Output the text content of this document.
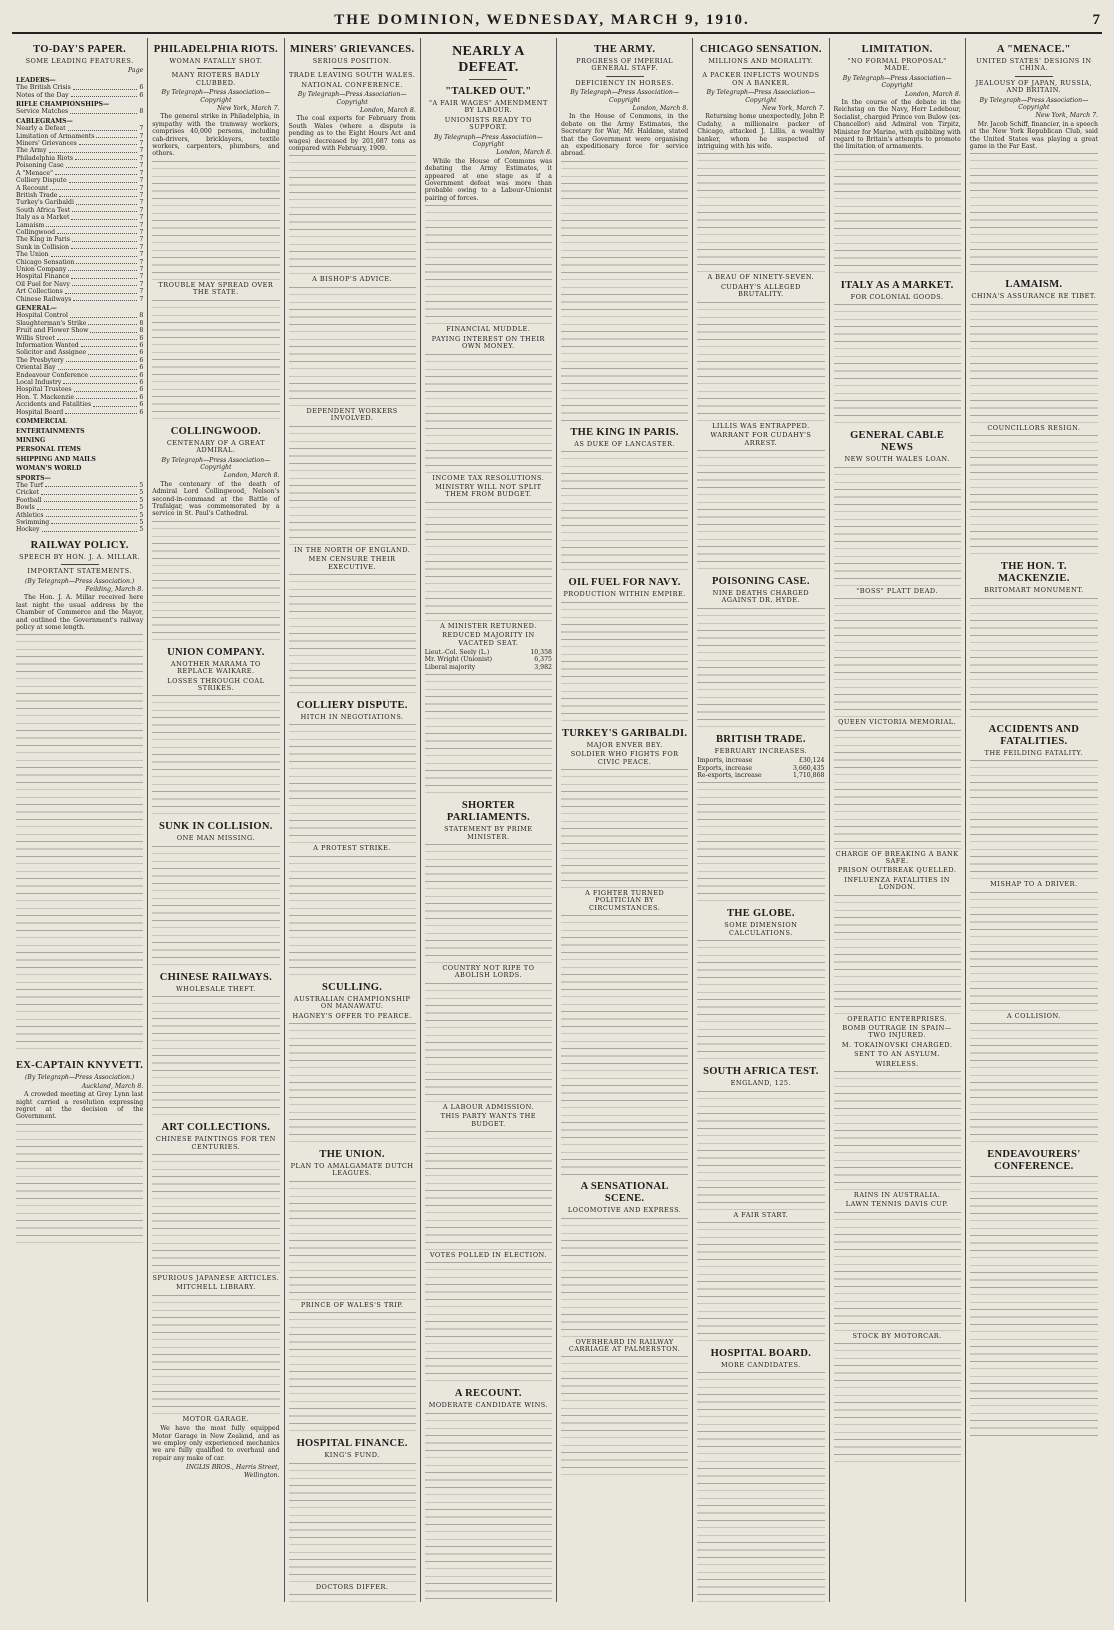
THE DOMINION, WEDNESDAY, MARCH 9, 1910.	7
TO-DAY'S PAPER.
SOME LEADING FEATURES.
Page
LEADERS—
The British Crisis	6
Notes of the Day	6
RIFLE CHAMPIONSHIPS—
Service Matches	8
CABLEGRAMS—
Nearly a Defeat	7
Limitation of Armaments	7
Miners' Grievances	7
The Army	7
Philadelphia Riots	7
Poisoning Case	7
A "Menace"	7
Colliery Dispute	7
A Recount	7
British Trade	7
Turkey's Garibaldi	7
South Africa Test	7
Italy as a Market	7
Lamaism	7
Collingwood	7
The King in Paris	7
Sunk in Collision	7
The Union	7
Chicago Sensation	7
Union Company	7
Hospital Finance	7
Oil Fuel for Navy	7
Art Collections	7
Chinese Railways	7
GENERAL—
Hospital Control	8
Slaughterman's Strike	8
Fruit and Flower Show	8
Willis Street	6
Information Wanted	6
Solicitor and Assignee	6
The Presbytery	6
Oriental Bay	6
Endeavour Conference	6
Local Industry	6
Hospital Trustees	6
Hon. T. Mackenzie	6
Accidents and Fatalities	6
Hospital Board	6
COMMERCIAL
ENTERTAINMENTS
MINING
PERSONAL ITEMS
SHIPPING AND MAILS
WOMAN'S WORLD
SPORTS—
The Turf	5
Cricket	5
Football	5
Bowls	5
Athletics	5
Swimming	5
Hockey	5
RAILWAY POLICY.
SPEECH BY HON. J. A. MILLAR.
IMPORTANT STATEMENTS.
(By Telegraph—Press Association.)
Feilding, March 8.

The Hon. J. A. Millar received here last night the usual address by the Chamber of Commerce and the Mayor, and outlined the Government's railway policy at some length.

EX-CAPTAIN KNYVETT.
(By Telegraph—Press Association.)
Auckland, March 8.

A crowded meeting at Grey Lynn last night carried a resolution expressing regret at the decision of the Government.

PHILADELPHIA RIOTS.
WOMAN FATALLY SHOT.
MANY RIOTERS BADLY CLUBBED.
By Telegraph—Press Association—Copyright
New York, March 7.

The general strike in Philadelphia, in sympathy with the tramway workers, comprises 40,000 persons, including cab-drivers, bricklayers, textile workers, carpenters, plumbers, and others.

TROUBLE MAY SPREAD OVER THE STATE.
COLLINGWOOD.
CENTENARY OF A GREAT ADMIRAL.
By Telegraph—Press Association—Copyright
London, March 8.

The centenary of the death of Admiral Lord Collingwood, Nelson's second-in-command at the Battle of Trafalgar, was commemorated by a service in St. Paul's Cathedral.

UNION COMPANY.
ANOTHER MARAMA TO REPLACE WAIKARE.
LOSSES THROUGH COAL STRIKES.
SUNK IN COLLISION.
ONE MAN MISSING.
CHINESE RAILWAYS.
WHOLESALE THEFT.
ART COLLECTIONS.
CHINESE PAINTINGS FOR TEN CENTURIES.
SPURIOUS JAPANESE ARTICLES.
MITCHELL LIBRARY.
MOTOR GARAGE.

We have the most fully equipped Motor Garage in New Zealand, and as we employ only experienced mechanics we are fully qualified to overhaul and repair any make of car.

INGLIS BROS., Harris Street, Wellington.
MINERS' GRIEVANCES.
SERIOUS POSITION.
TRADE LEAVING SOUTH WALES.
NATIONAL CONFERENCE.
By Telegraph—Press Association—Copyright
London, March 8.

The coal exports for February from South Wales (where a dispute is pending as to the Eight Hours Act and wages) decreased by 201,687 tons as compared with February, 1909.

A BISHOP'S ADVICE.
DEPENDENT WORKERS INVOLVED.
IN THE NORTH OF ENGLAND.
MEN CENSURE THEIR EXECUTIVE.
COLLIERY DISPUTE.
HITCH IN NEGOTIATIONS.
A PROTEST STRIKE.
SCULLING.
AUSTRALIAN CHAMPIONSHIP ON MANAWATU.
HAGNEY'S OFFER TO PEARCE.
THE UNION.
PLAN TO AMALGAMATE DUTCH LEAGUES.
PRINCE OF WALES'S TRIP.
HOSPITAL FINANCE.
KING'S FUND.
DOCTORS DIFFER.
NEARLY A DEFEAT.
"TALKED OUT."
"A FAIR WAGES" AMENDMENT BY LABOUR.
UNIONISTS READY TO SUPPORT.
By Telegraph—Press Association—Copyright
London, March 8.

While the House of Commons was debating the Army Estimates, it appeared at one stage as if a Government defeat was more than probable owing to a Labour-Unionist pairing of forces.

FINANCIAL MUDDLE.
PAYING INTEREST ON THEIR OWN MONEY.
INCOME TAX RESOLUTIONS.
MINISTRY WILL NOT SPLIT THEM FROM BUDGET.
A MINISTER RETURNED.
REDUCED MAJORITY IN VACATED SEAT.
Lieut.-Col. Seely (L.)	10,358
Mr. Wright (Unionist)	6,375
Liberal majority	3,982
SHORTER PARLIAMENTS.
STATEMENT BY PRIME MINISTER.
COUNTRY NOT RIPE TO ABOLISH LORDS.
A LABOUR ADMISSION.
THIS PARTY WANTS THE BUDGET.
VOTES POLLED IN ELECTION.
A RECOUNT.
MODERATE CANDIDATE WINS.
THE ARMY.
PROGRESS OF IMPERIAL GENERAL STAFF.
DEFICIENCY IN HORSES.
By Telegraph—Press Association—Copyright
London, March 8.

In the House of Commons, in the debate on the Army Estimates, the Secretary for War, Mr. Haldane, stated that the Government were organising an expeditionary force for service abroad.

THE KING IN PARIS.
AS DUKE OF LANCASTER.
OIL FUEL FOR NAVY.
PRODUCTION WITHIN EMPIRE.
TURKEY'S GARIBALDI.
MAJOR ENVER BEY.
SOLDIER WHO FIGHTS FOR CIVIC PEACE.
A FIGHTER TURNED POLITICIAN BY CIRCUMSTANCES.
A SENSATIONAL SCENE.
LOCOMOTIVE AND EXPRESS.
OVERHEARD IN RAILWAY CARRIAGE AT PALMERSTON.
CHICAGO SENSATION.
MILLIONS AND MORALITY.
A PACKER INFLICTS WOUNDS ON A BANKER.
By Telegraph—Press Association—Copyright
New York, March 7.

Returning home unexpectedly, John P. Cudahy, a millionaire packer of Chicago, attacked J. Lillis, a wealthy banker, whom he suspected of intriguing with his wife.

A BEAU OF NINETY-SEVEN.
CUDAHY'S ALLEGED BRUTALITY.
LILLIS WAS ENTRAPPED.
WARRANT FOR CUDAHY'S ARREST.
POISONING CASE.
NINE DEATHS CHARGED AGAINST DR. HYDE.
BRITISH TRADE.
FEBRUARY INCREASES.
Imports, increase	£30,124
Exports, increase	3,660,435
Re-exports, increase	1,710,868
THE GLOBE.
SOME DIMENSION CALCULATIONS.
SOUTH AFRICA TEST.
ENGLAND, 125.
A FAIR START.
HOSPITAL BOARD.
MORE CANDIDATES.
LIMITATION.
"NO FORMAL PROPOSAL" MADE.
By Telegraph—Press Association—Copyright
London, March 8.

In the course of the debate in the Reichstag on the Navy, Herr Ledebour, Socialist, charged Prince von Bulow (ex-Chancellor) and Admiral von Tirpitz, Minister for Marine, with quibbling with regard to Britain's attempts to promote the limitation of armaments.

ITALY AS A MARKET.
FOR COLONIAL GOODS.
GENERAL CABLE NEWS
NEW SOUTH WALES LOAN.
"BOSS" PLATT DEAD.
QUEEN VICTORIA MEMORIAL.
CHARGE OF BREAKING A BANK SAFE.
PRISON OUTBREAK QUELLED.
INFLUENZA FATALITIES IN LONDON.
OPERATIC ENTERPRISES.
BOMB OUTRAGE IN SPAIN—TWO INJURED.
M. TOKAINOVSKI CHARGED.
SENT TO AN ASYLUM.
WIRELESS.
RAINS IN AUSTRALIA.
LAWN TENNIS DAVIS CUP.
STOCK BY MOTORCAR.
A "MENACE."
UNITED STATES' DESIGNS IN CHINA.
JEALOUSY OF JAPAN, RUSSIA, AND BRITAIN.
By Telegraph—Press Association—Copyright
New York, March 7.

Mr. Jacob Schiff, financier, in a speech at the New York Republican Club, said the United States was playing a great game in the Far East.

LAMAISM.
CHINA'S ASSURANCE RE TIBET.
COUNCILLORS RESIGN.
THE HON. T. MACKENZIE.
BRITOMART MONUMENT.
ACCIDENTS AND FATALITIES.
THE FEILDING FATALITY.
MISHAP TO A DRIVER.
A COLLISION.
ENDEAVOURERS' CONFERENCE.
